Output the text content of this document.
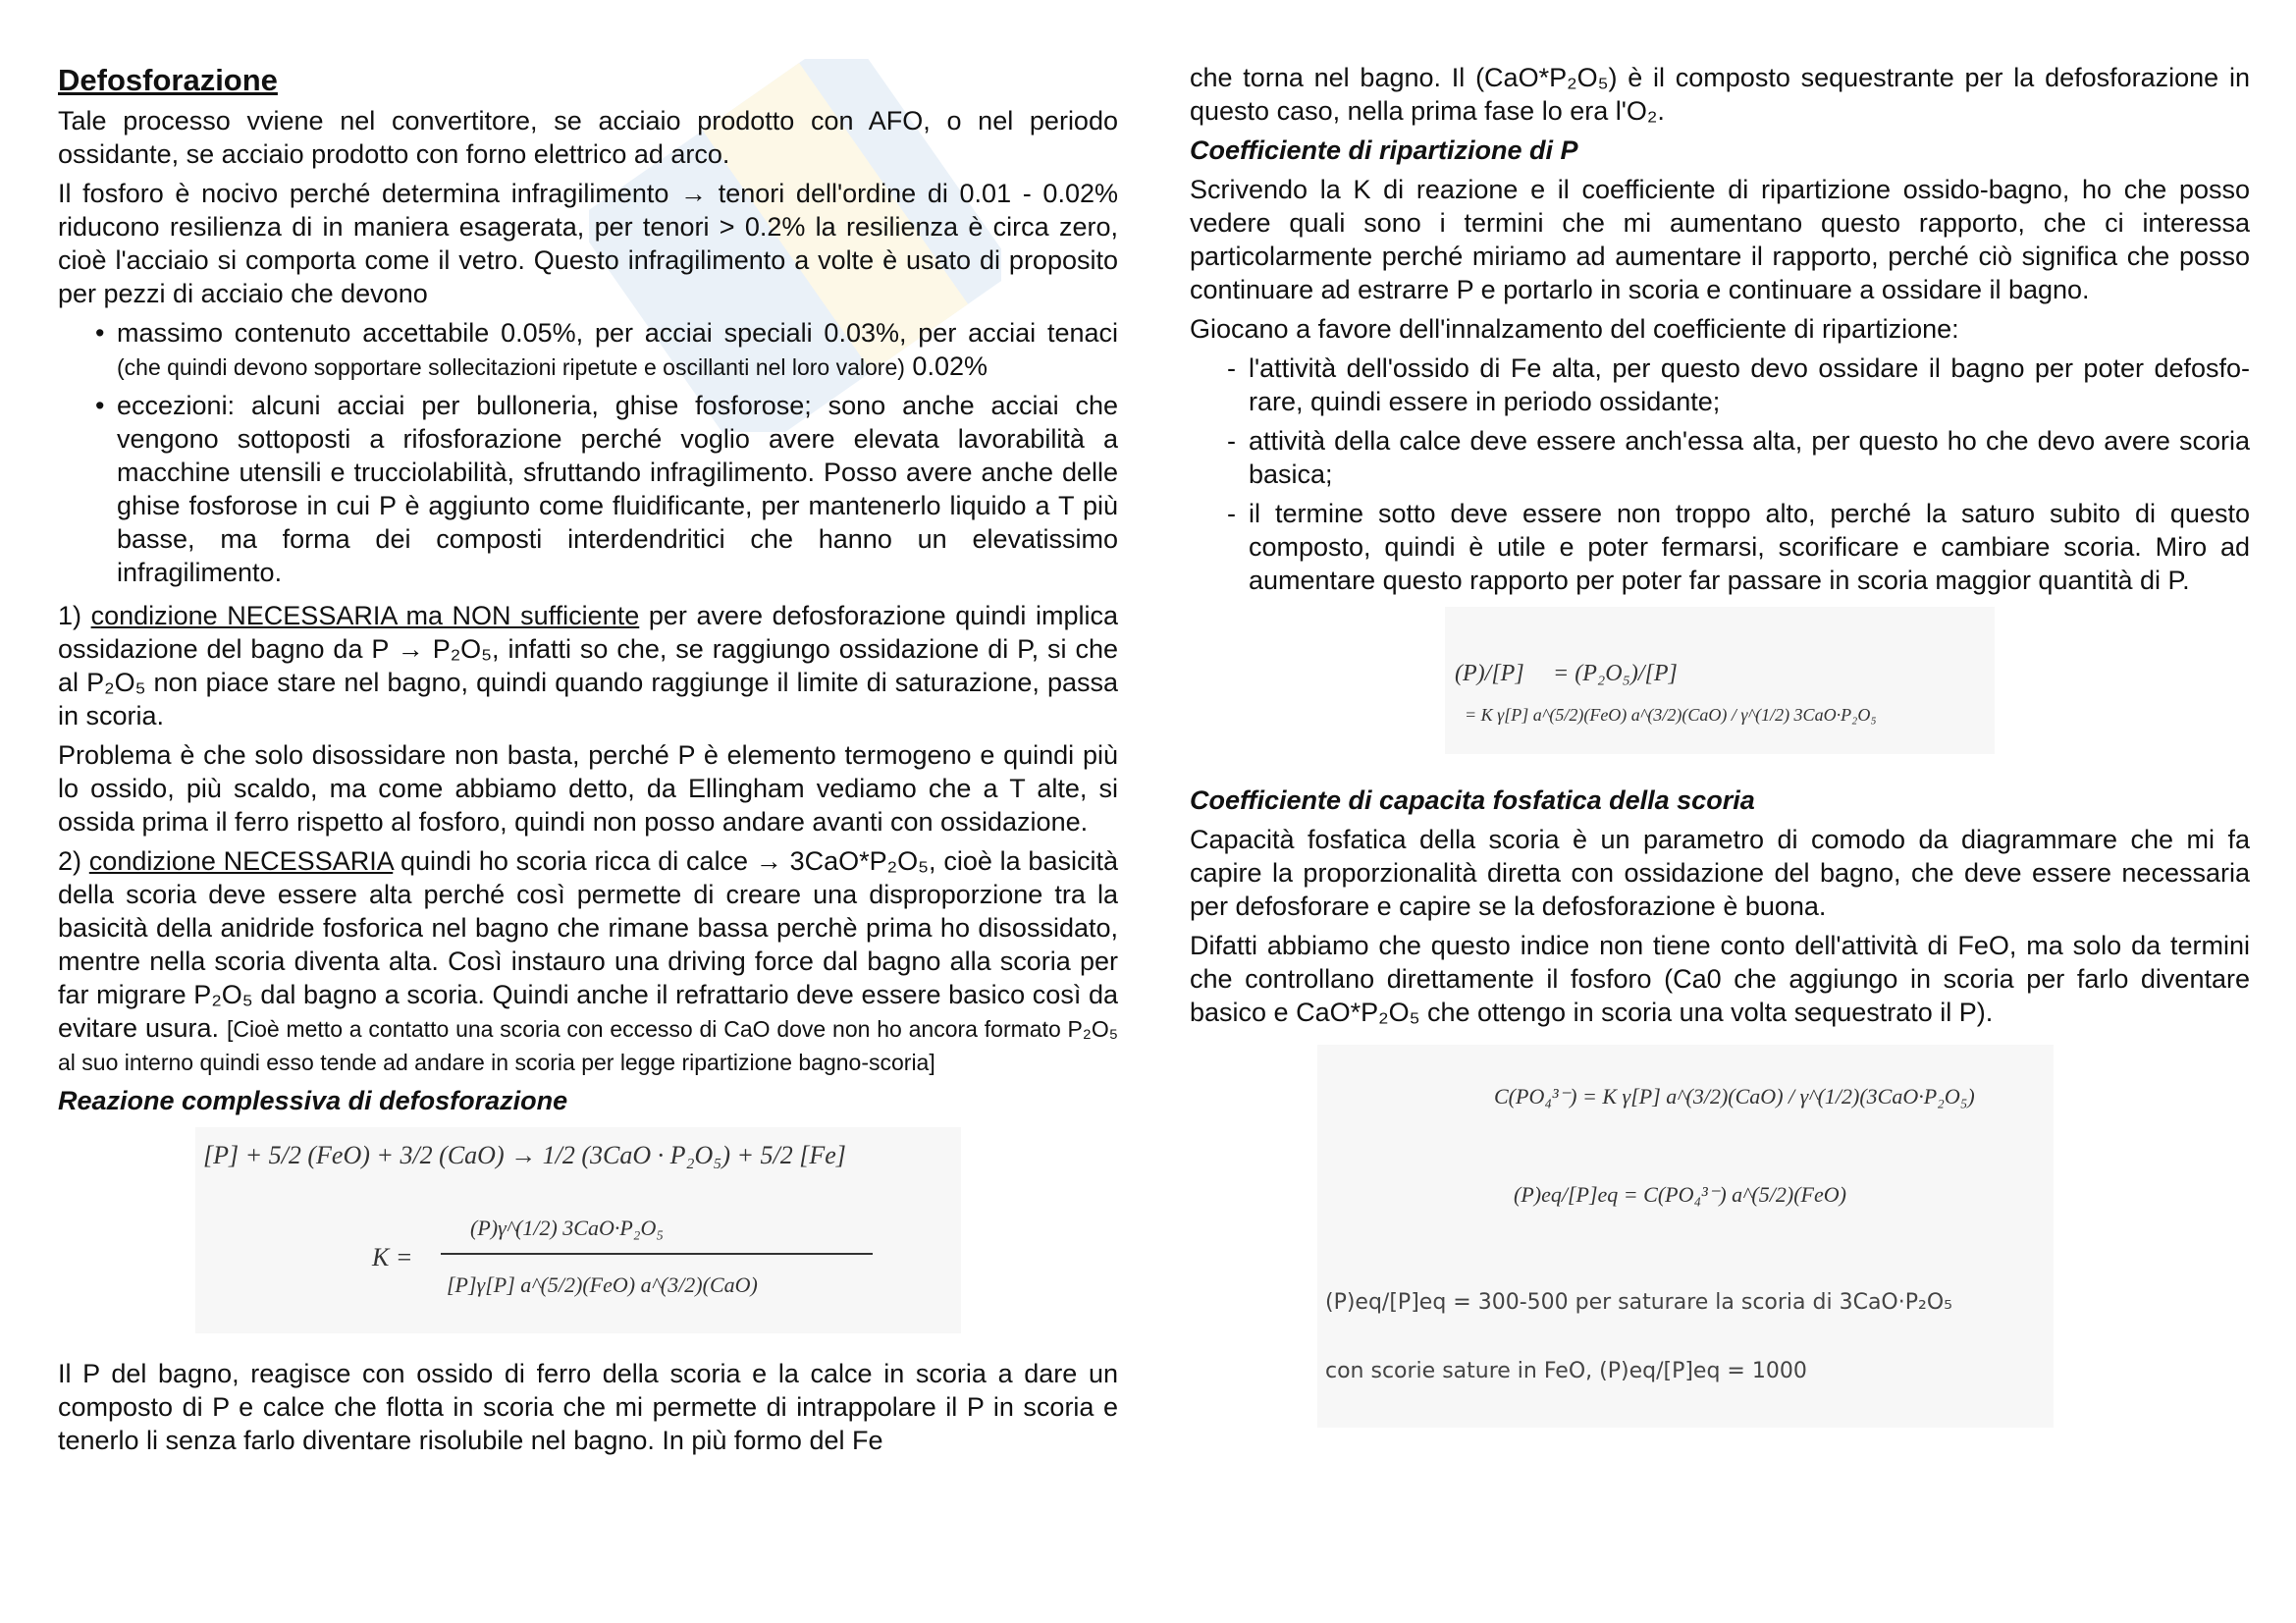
Defosforazione

Tale processo vviene nel convertitore, se acciaio prodotto con AFO, o nel periodo ossidante, se acciaio prodotto con forno elettrico ad arco.

Il fosforo è nocivo perché determina infragilimento → tenori dell'ordine di 0.01 - 0.02% riducono resilienza di in maniera esagerata, per tenori > 0.2% la resilienza è circa zero, cioè l'acciaio si comporta come il vetro. Questo infragilimento a volte è usato di proposito per pezzi di acciaio che devono

• massimo contenuto accettabile 0.05%, per acciai speciali 0.03%, per acciai tenaci (che quindi devono sopportare sollecitazioni ripetute e oscillanti nel loro valore) 0.02%
• eccezioni: alcuni acciai per bulloneria, ghise fosforose; sono anche acciai che vengono sottoposti a rifosforazione perché voglio avere elevata lavorabilità a macchine utensili e trucciolabilità, sfruttando infragilimento. Posso avere anche delle ghise fosforose in cui P è aggiunto come fluidificante, per mantenerlo liquido a T più basse, ma forma dei composti interdendritici che hanno un elevatissimo infragilimento.

1) condizione NECESSARIA ma NON sufficiente per avere defosforazione quindi implica ossidazione del bagno da P → P₂O₅, infatti so che, se raggiungo ossidazione di P, si che al P₂O₅ non piace stare nel bagno, quindi quando raggiunge il limite di saturazione, passa in scoria.

Problema è che solo disossidare non basta, perché P è elemento termogeno e quindi più lo ossido, più scaldo, ma come abbiamo detto, da Ellingham vediamo che a T alte, si ossida prima il ferro rispetto al fosforo, quindi non posso andare avanti con ossidazione.

2) condizione NECESSARIA quindi ho scoria ricca di calce → 3CaO*P₂O₅, cioè la basicità della scoria deve essere alta perché così permette di creare una disproporzione tra la basicità della anidride fosforica nel bagno che rimane bassa perchè prima ho disossidato, mentre nella scoria diventa alta. Così instauro una driving force dal bagno alla scoria per far migrare P₂O₅ dal bagno a scoria. Quindi anche il refrattario deve essere basico così da evitare usura. [Cioè metto a contatto una scoria con eccesso di CaO dove non ho ancora formato P₂O₅ al suo interno quindi esso tende ad andare in scoria per legge ripartizione bagno-scoria]

Reazione complessiva di defosforazione
[P] + 5/2 (FeO) + 3/2 (CaO) → 1/2 (3CaO · P₂O₅) + 5/2 [Fe]
K =
(P)γ^(1/2) 3CaO·P₂O₅
[P]γ[P] a^(5/2)(FeO) a^(3/2)(CaO)

Il P del bagno, reagisce con ossido di ferro della scoria e la calce in scoria a dare un composto di P e calce che flotta in scoria che mi permette di intrappolare il P in scoria e tenerlo li senza farlo diventare risolubile nel bagno. In più formo del Fe

che torna nel bagno. Il (CaO*P₂O₅) è il composto sequestrante per la defosforazione in questo caso, nella prima fase lo era l'O₂.

Coefficiente di ripartizione di P

Scrivendo la K di reazione e il coefficiente di ripartizione ossido-bagno, ho che posso vedere quali sono i termini che mi aumentano questo rapporto, che ci interessa particolarmente perché miriamo ad aumentare il rapporto, perché ciò significa che posso continuare ad estrarre P e portarlo in scoria e continuare a ossidare il bagno.

Giocano a favore dell'innalzamento del coefficiente di ripartizione:

- l'attività dell'ossido di Fe alta, per questo devo ossidare il bagno per poter defosfo-rare, quindi essere in periodo ossidante;
- attività della calce deve essere anch'essa alta, per questo ho che devo avere scoria basica;
- il termine sotto deve essere non troppo alto, perché la saturo subito di questo composto, quindi è utile e poter fermarsi, scorificare e cambiare scoria. Miro ad aumentare questo rapporto per poter far passare in scoria maggior quantità di P.
(P)/[P] = (P₂O₅)/[P]
= K γ[P] a^(5/2)(FeO) a^(3/2)(CaO) / γ^(1/2) 3CaO·P₂O₅
Coefficiente di capacita fosfatica della scoria

Capacità fosfatica della scoria è un parametro di comodo da diagrammare che mi fa capire la proporzionalità diretta con ossidazione del bagno, che deve essere necessaria per defosforare e capire se la defosforazione è buona.

Difatti abbiamo che questo indice non tiene conto dell'attività di FeO, ma solo da termini che controllano direttamente il fosforo (Ca0 che aggiungo in scoria per farlo diventare basico e CaO*P₂O₅ che ottengo in scoria una volta sequestrato il P).

C(PO₄³⁻) = K γ[P] a^(3/2)(CaO) / γ^(1/2)(3CaO·P₂O₅)
(P)eq/[P]eq = C(PO₄³⁻) a^(5/2)(FeO)
(P)eq/[P]eq = 300-500 per saturare la scoria di 3CaO·P₂O₅
con scorie sature in FeO, (P)eq/[P]eq = 1000
